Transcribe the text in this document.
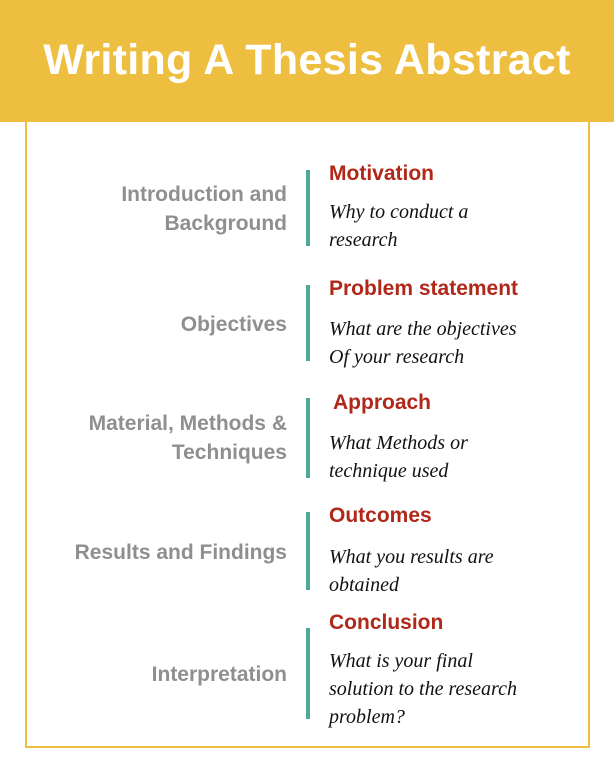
Writing A Thesis Abstract
Introduction and Background
Motivation
Why to conduct a
research
Objectives
Problem statement
What are the objectives
Of your research
Material, Methods & Techniques
Approach
What Methods or
technique used
Results and Findings
Outcomes
What you results are
obtained
Interpretation
Conclusion
What is your final
solution to the research
problem?
